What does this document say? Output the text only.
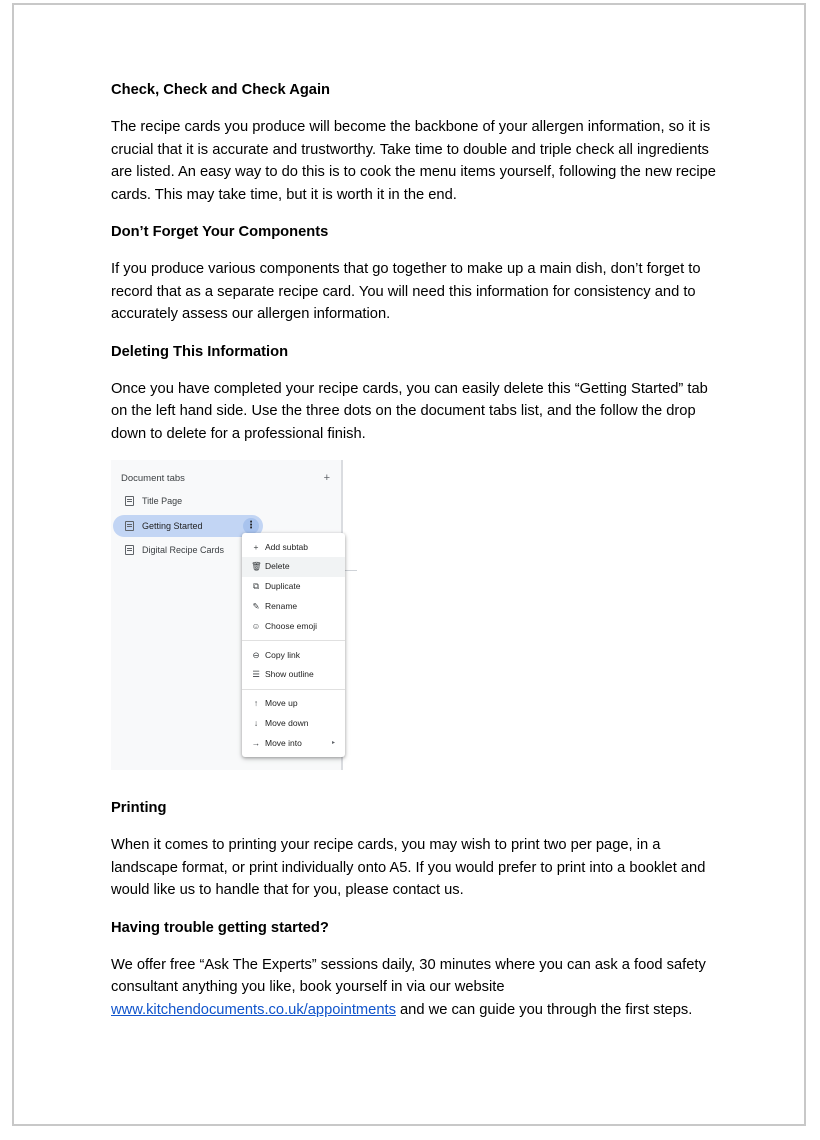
Check, Check and Check Again

The recipe cards you produce will become the backbone of your allergen information, so it is crucial that it is accurate and trustworthy. Take time to double and triple check all ingredients are listed. An easy way to do this is to cook the menu items yourself, following the new recipe cards. This may take time, but it is worth it in the end.

Don’t Forget Your Components

If you produce various components that go together to make up a main dish, don’t forget to record that as a separate recipe card. You will need this information for consistency and to accurately assess our allergen information.

Deleting This Information

Once you have completed your recipe cards, you can easily delete this “Getting Started” tab on the left hand side. Use the three dots on the document tabs list, and the follow the drop down to delete for a professional finish.

Document tabs	+
Title Page
Getting Started	⋮
Digital Recipe Cards	+ Add subtab
🗑 Delete
⧉ Duplicate
✎ Rename
☺ Choose emoji
⊖ Copy link
☰ Show outline
↑ Move up
↓ Move down
→ Move into	▸
Printing

When it comes to printing your recipe cards, you may wish to print two per page, in a landscape format, or print individually onto A5. If you would prefer to print into a booklet and would like us to handle that for you, please contact us.

Having trouble getting started?

We offer free “Ask The Experts” sessions daily, 30 minutes where you can ask a food safety consultant anything you like, book yourself in via our website www.kitchendocuments.co.uk/appointments and we can guide you through the first steps.
